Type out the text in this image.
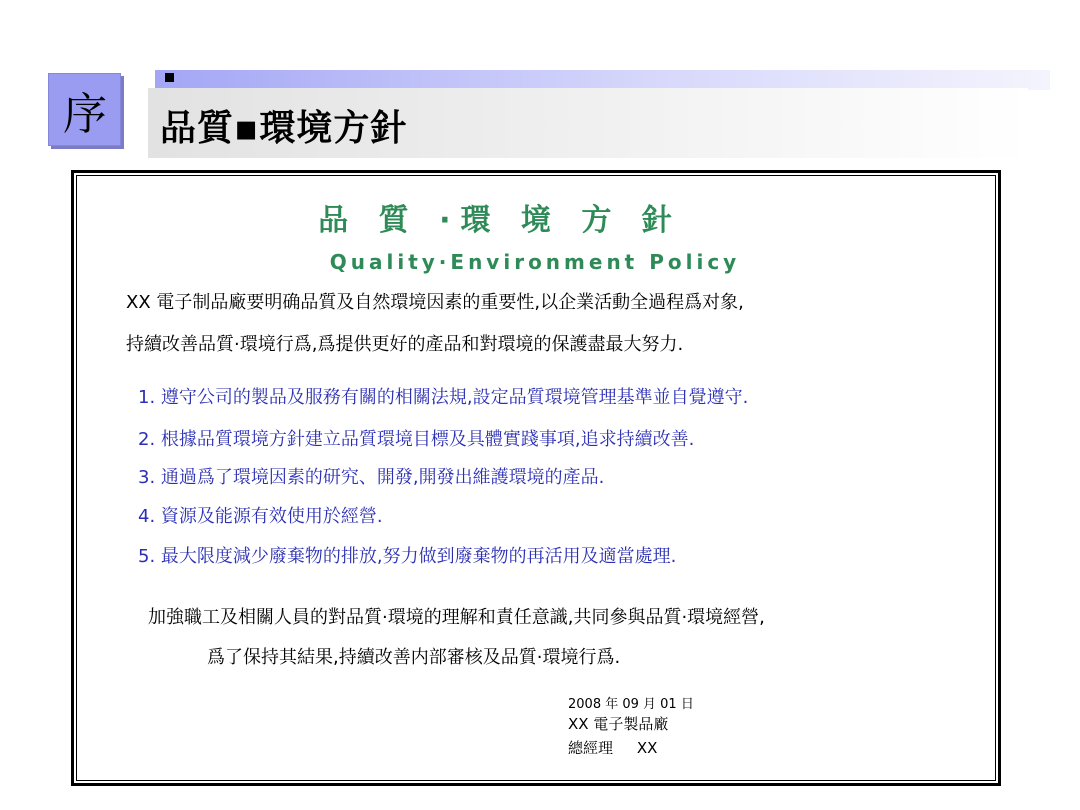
序 品質▪環境方針
品 質 ·環 境 方 針
Quality·Environment Policy
XX 電子制品廠要明确品質及自然環境因素的重要性,以企業活動全過程爲对象,
持續改善品質·環境行爲,爲提供更好的產品和對環境的保護盡最大努力.
1. 遵守公司的製品及服務有關的相關法規,設定品質環境管理基準並自覺遵守.
2. 根據品質環境方針建立品質環境目標及具體實踐事項,追求持續改善.
3. 通過爲了環境因素的研究、開發,開發出維護環境的產品.
4. 資源及能源有效使用於經營.
5. 最大限度減少廢棄物的排放,努力做到廢棄物的再活用及適當處理.
加強職工及相關人員的對品質·環境的理解和責任意識,共同參與品質·環境經營,
爲了保持其結果,持續改善内部審核及品質·環境行爲.
2008 年 09 月 01 日
XX 電子製品廠
總經理     XX
